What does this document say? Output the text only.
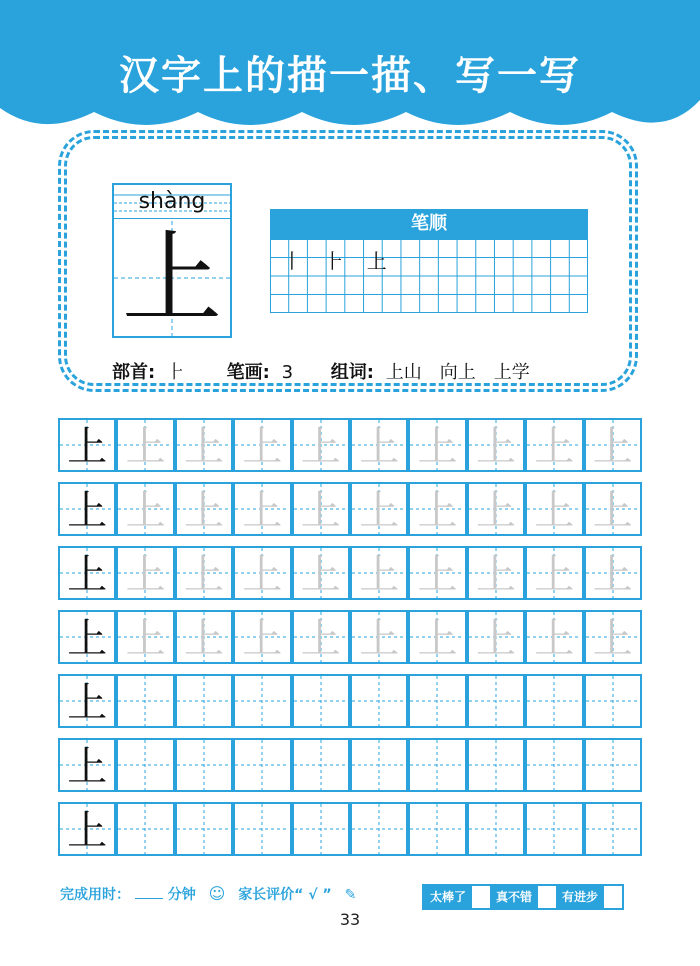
汉字上的描一描、写一写
shàng
上	笔顺
丨 ⺊ 上
部首: ⺊ 笔画: 3 组词: 上山　向上　上学
上 上 上 上 上 上 上 上 上 上
上 上 上 上 上 上 上 上 上 上
上 上 上 上 上 上 上 上 上 上
上 上 上 上 上 上 上 上 上 上
上
上
上
完成用时：	分钟 ☺ 家长评价“ √ ” ✎	太棒了	真不错	有进步
33
